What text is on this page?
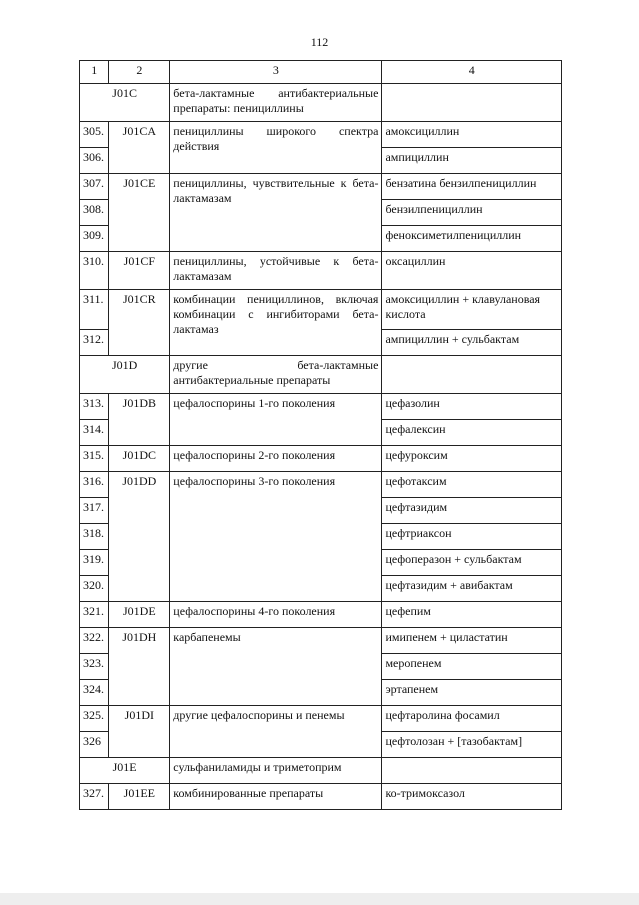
112
1	2	3	4
J01C		бета-лактамные антибактериальные препараты: пенициллины	
305.	J01CA	пенициллины широкого спектра действия	амоксициллин
306.			ампициллин
307.	J01CE	пенициллины, чувствительные к бета-лактамазам	бензатина бензилпенициллин
308.			бензилпенициллин
309.			феноксиметилпенициллин
310.	J01CF	пенициллины, устойчивые к бета-лактамазам	оксациллин
311.	J01CR	комбинации пенициллинов, включая комбинации с ингибиторами бета-лактамаз	амоксициллин + клавулановая кислота
312.			ампициллин + сульбактам
J01D		другие бета-лактамные антибактериальные препараты	
313.	J01DB	цефалоспорины 1-го поколения	цефазолин
314.			цефалексин
315.	J01DC	цефалоспорины 2-го поколения	цефуроксим
316.	J01DD	цефалоспорины 3-го поколения	цефотаксим
317.			цефтазидим
318.			цефтриаксон
319.			цефоперазон + сульбактам
320.			цефтазидим + авибактам
321.	J01DE	цефалоспорины 4-го поколения	цефепим
322.	J01DH	карбапенемы	имипенем + циластатин
323.			меропенем
324.			эртапенем
325.	J01DI	другие цефалоспорины и пенемы	цефтаролина фосамил
326			цефтолозан + [тазобактам]
J01E		сульфаниламиды и триметоприм	
327.	J01EE	комбинированные препараты	ко-тримоксазол
